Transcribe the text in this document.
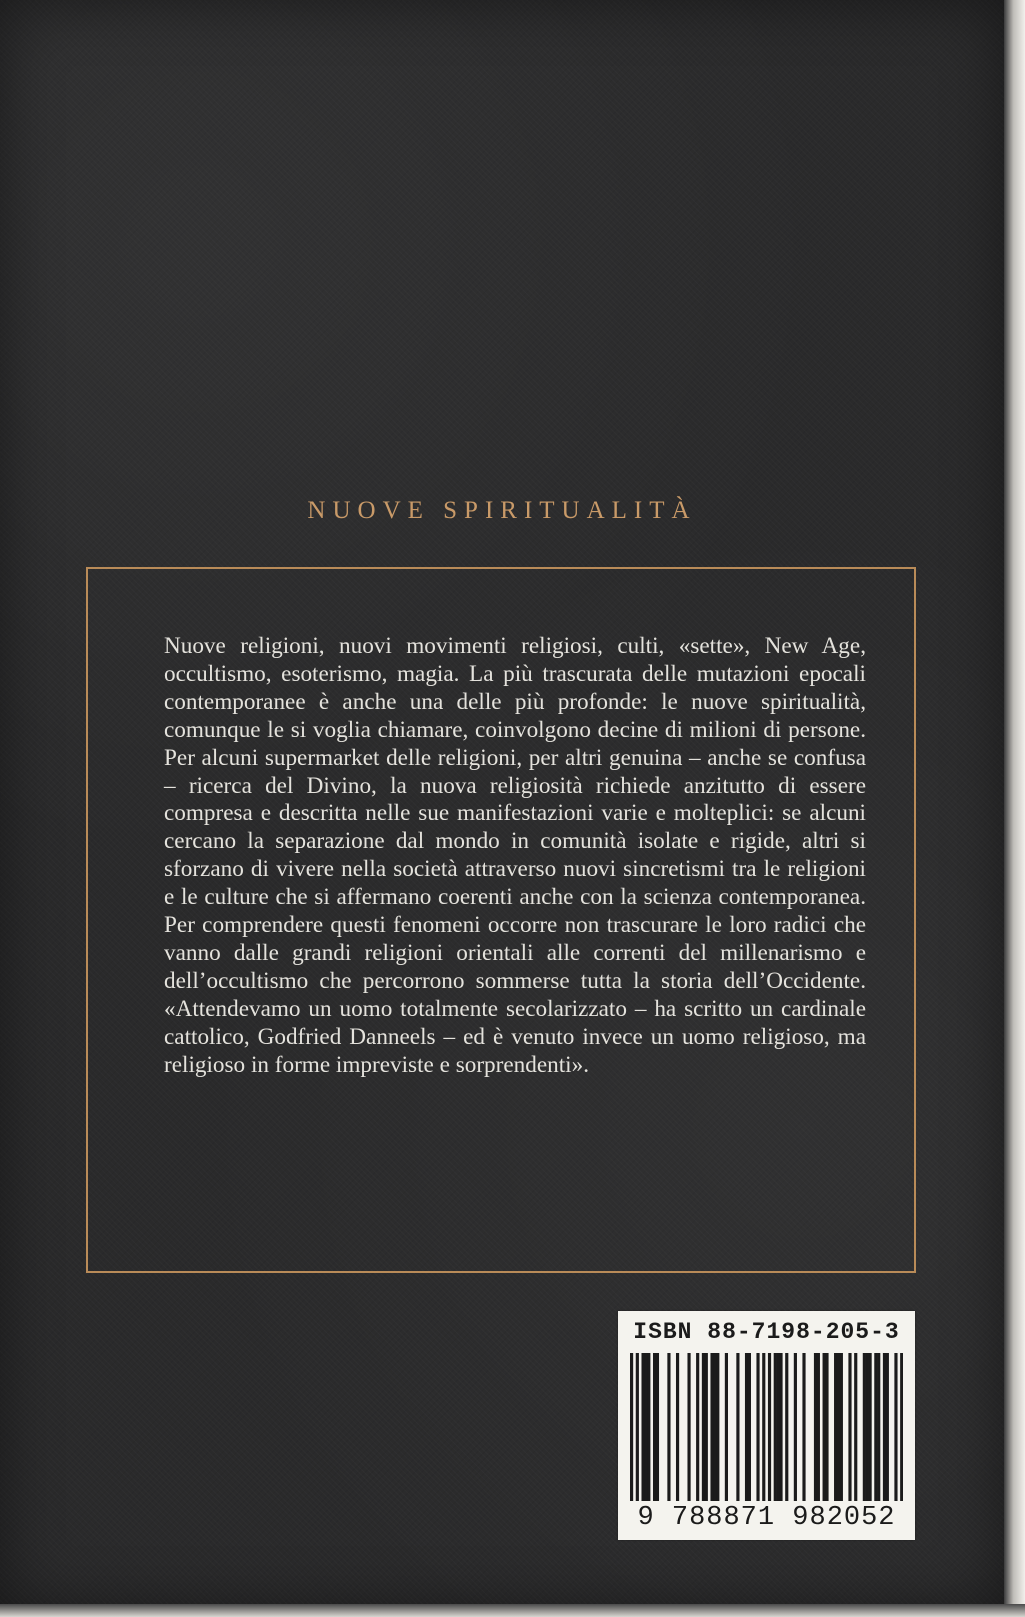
NUOVE SPIRITUALITÀ

Nuove religioni, nuovi movimenti religiosi, culti, «sette», New Age, occultismo, esoterismo, magia. La più trascurata delle mutazioni epocali contemporanee è anche una delle più profonde: le nuove spiritualità, comunque le si voglia chiamare, coinvolgono decine di milioni di persone. Per alcuni supermarket delle religioni, per altri genuina – anche se confusa – ricerca del Divino, la nuova religiosità richiede anzitutto di essere compresa e descritta nelle sue manifestazioni varie e molteplici: se alcuni cercano la separazione dal mondo in comunità isolate e rigide, altri si sforzano di vivere nella società attraverso nuovi sincretismi tra le religioni e le culture che si affermano coerenti anche con la scienza contemporanea. Per comprendere questi fenomeni occorre non trascurare le loro radici che vanno dalle grandi religioni orientali alle correnti del millenarismo e dell’occultismo che percorrono sommerse tutta la storia dell’Occidente. «Attendevamo un uomo totalmente secolarizzato – ha scritto un cardinale cattolico, Godfried Danneels – ed è venuto invece un uomo religioso, ma religioso in forme impreviste e sorprendenti».

ISBN 88-7198-205-3
9 788871 982052
